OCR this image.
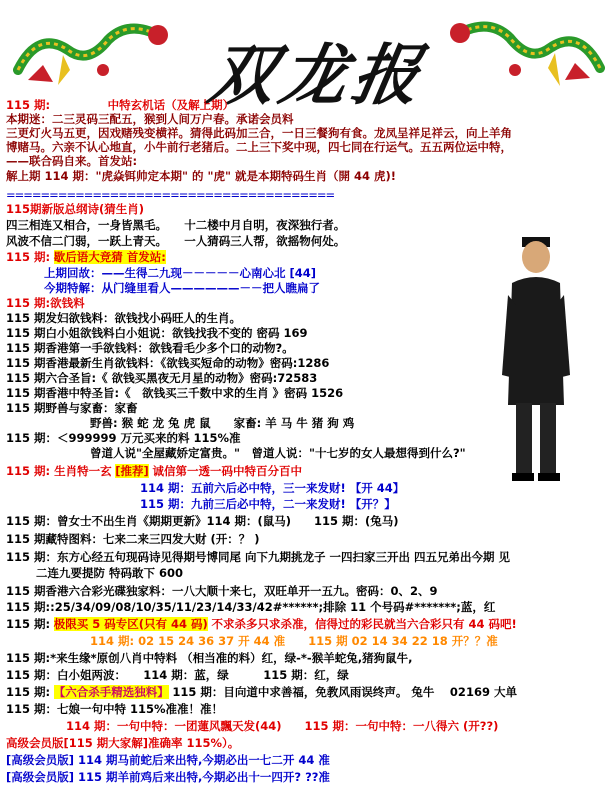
双龙报
115 期:　　　　　	中特玄机话（及解上期）
本期迷：二三灵码三配五，猴到人间万户春。承诺会员料
三更灯火马五更，因戏赌残变横祥。猜得此码加三合，一日三餐狗有食。龙凤呈祥足祥云，向上羊角
博赌马。六亲不认心地直，小牛前行老猪后。二上三下奖中现，四七同在行运气。五五两位运中特，
——联合码自来。首发站:
解上期 114 期："虎焱铒帅定本期" 的 "虎" 就是本期特码生肖（開 44 虎)!
======================================
115期新版总纲诗(猜生肖)
四三相连又相合，一身皆黑毛。　　十二楼中月自明，夜深独行者。
风波不信二门弱，一跃上青天。　　一人猜码三人帮，欲摇物何处。
115 期: 歇后语大竞猜 首发站:
上期回故：——生得二九现－－－－－心南心北 [44]
今期特解：从门缝里看人——————－－把人瞧扁了
115 期:欲钱料
115 期发妇欲钱料：欲钱找小码旺人的生肖。
115 期白小姐欲钱料白小姐说：欲钱找我不变的 密码 169
115 期香港第一手欲钱料：欲钱看毛少多个口的动物?。
115 期香港最新生肖欲钱料：《欲钱买短命的动物》密码:1286
115 期六合圣旨:《 欲钱买黑夜无月星的动物》密码:72583
115 期香港中特圣旨:《　欲钱买三千数中求的生肖 》密码 1526
115 期野兽与家畜：家畜
野兽: 猴 蛇 龙 兔 虎 鼠　　家畜: 羊 马 牛 猪 狗 鸡
115 期：＜999999 万元买来的料 115%准
曾道人说"全屋藏娇定富贵。"　曾道人说："十七岁的女人最想得到什么?"
115 期: 生肖特一玄 [推荐] 诚信第一透一码中特百分百中
114 期：五前六后必中特，三一来发财! 【开 44】
115 期：九前三后必中特，二一来发财! 【开？】
115 期：曾女士不出生肖《期期更新》114 期：(鼠马)　　115 期：(兔马)
115 期藏特图料：七来二来三四发大财 (开：？ )
115 期：东方心经五句现码诗见得期号博同尾 向下九期挑龙子 一四扫家三开出 四五兄弟出今期 见
二连九要提防 特码敢下 600
115 期香港六合彩光碟独家料：一八大顺十来七，双旺单开一五九。密码：0、2、9
115 期::25/34/09/08/10/35/11/23/14/33/42#******;排除 11 个号码#*******;蓝，红
115 期: 极限买 5 码专区(只有 44 码) 不求杀多只求杀准，信得过的彩民就当六合彩只有 44 码吧!
114 期: 02 15 24 36 37 开 44 准　　115 期 02 14 34 22 18 开？？准
115 期:*来生缘*原创八肖中特料 （相当准的料）红，绿-*-猴羊蛇兔,猪狗鼠牛,
115 期：白小姐两波：　　114 期：蓝，绿　　　115 期：红，绿
115 期: 【六合杀手精选独料】 115 期：目向道中求善福，免教风雨误终声。 兔牛　 02169 大单
115 期：七娘一句中特 115%准准！准！
114 期：一句中特：一团蓮风飄天发(44)　　 115 期：一句中特：一八得六 (开??)
高级会员版[115 期大家解]准确率 115%）。
[高级会员版] 114 期马前蛇后来出特,今期必出一七二开 44 准
[高级会员版] 115 期羊前鸡后来出特,今期必出十一四开? ??准
